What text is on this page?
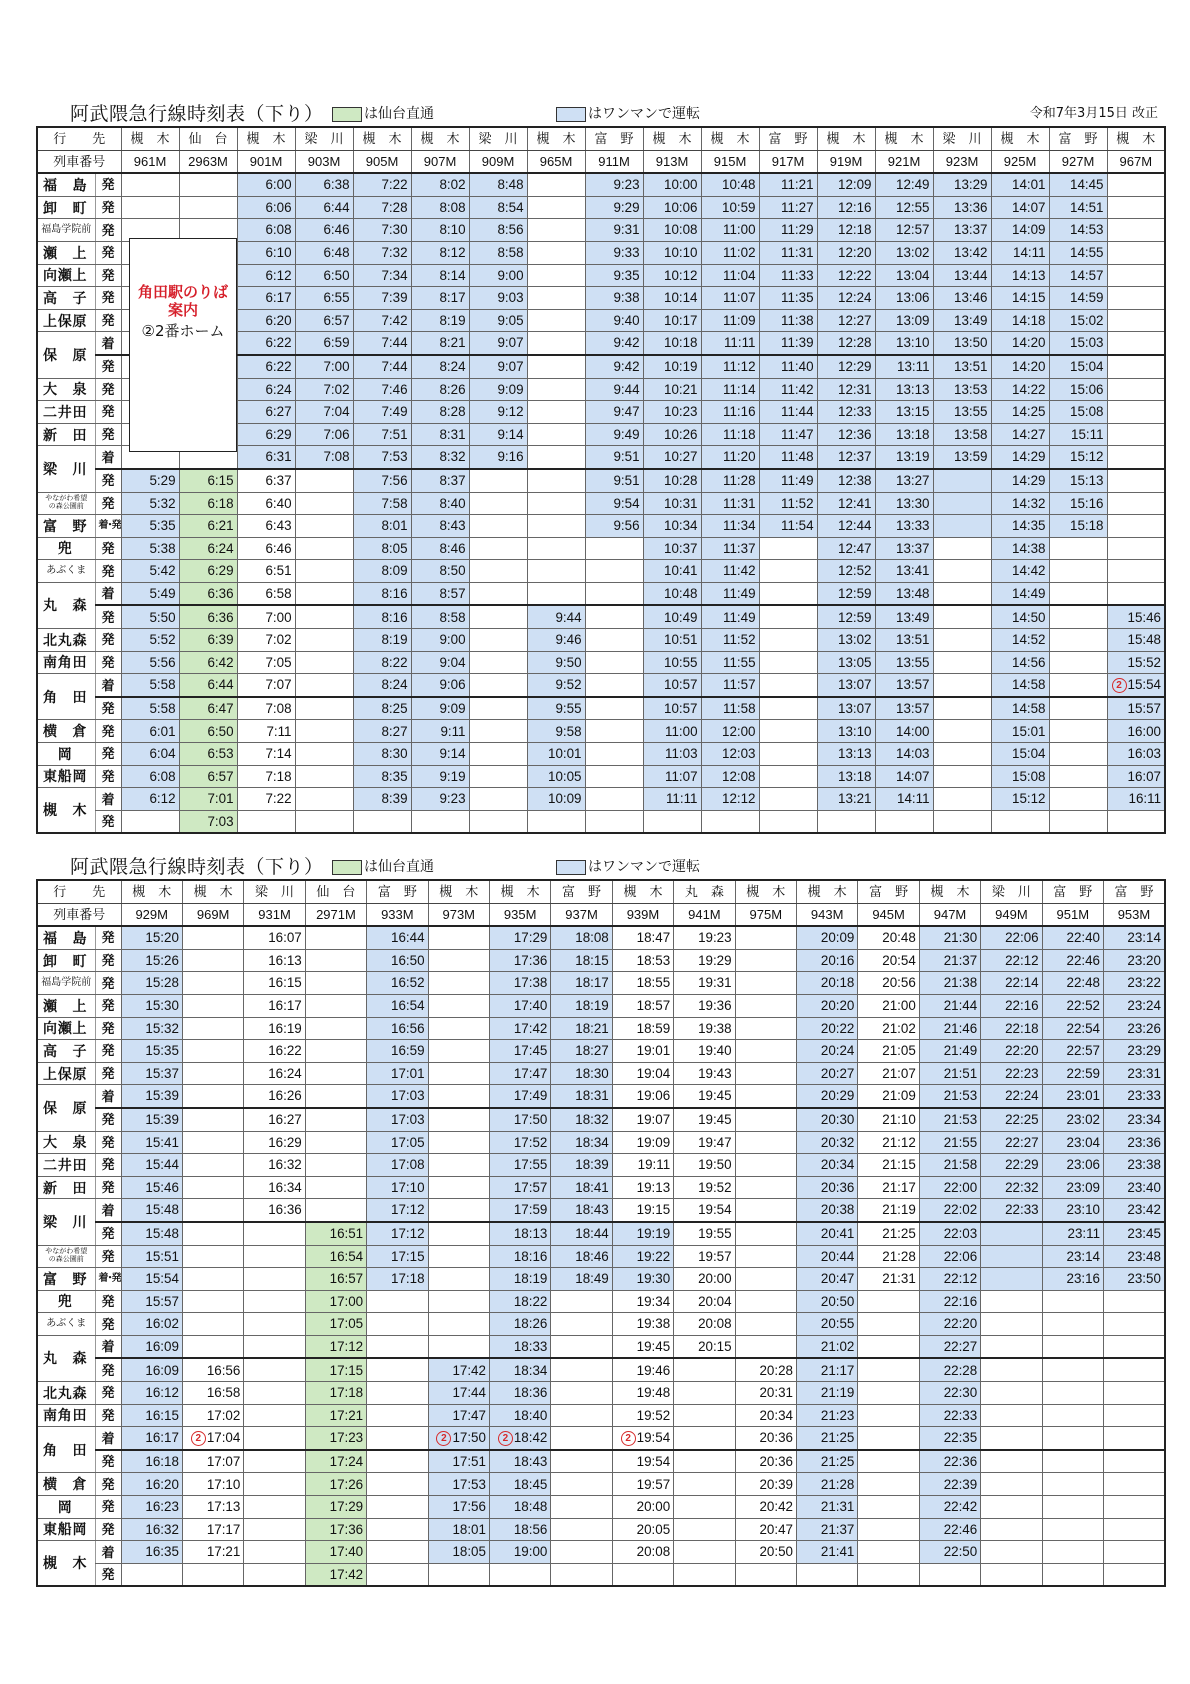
阿武隈急行線時刻表（下り）	は仙台直通	はワンマンで運転	令和7年3月15日 改正
行　　先		槻　木	仙　台	槻　木	梁　川	槻　木	槻　木	梁　川	槻　木	富　野	槻　木	槻　木	富　野	槻　木	槻　木	梁　川	槻　木	富　野	槻　木
列車番号		961M	2963M	901M	903M	905M	907M	909M	965M	911M	913M	915M	917M	919M	921M	923M	925M	927M	967M
福　島	発			6:00	6:38	7:22	8:02	8:48		9:23	10:00	10:48	11:21	12:09	12:49	13:29	14:01	14:45	
卸　町	発			6:06	6:44	7:28	8:08	8:54		9:29	10:06	10:59	11:27	12:16	12:55	13:36	14:07	14:51	
福島学院前	発			6:08	6:46	7:30	8:10	8:56		9:31	10:08	11:00	11:29	12:18	12:57	13:37	14:09	14:53	
瀬　上	発			6:10	6:48	7:32	8:12	8:58		9:33	10:10	11:02	11:31	12:20	13:02	13:42	14:11	14:55	
向瀬上	発			6:12	6:50	7:34	8:14	9:00		9:35	10:12	11:04	11:33	12:22	13:04	13:44	14:13	14:57	
高　子	発			6:17	6:55	7:39	8:17	9:03		9:38	10:14	11:07	11:35	12:24	13:06	13:46	14:15	14:59	
上保原	発			6:20	6:57	7:42	8:19	9:05		9:40	10:17	11:09	11:38	12:27	13:09	13:49	14:18	15:02	
保　原	着			6:22	6:59	7:44	8:21	9:07		9:42	10:18	11:11	11:39	12:28	13:10	13:50	14:20	15:03	
	発			6:22	7:00	7:44	8:24	9:07		9:42	10:19	11:12	11:40	12:29	13:11	13:51	14:20	15:04	
大　泉	発			6:24	7:02	7:46	8:26	9:09		9:44	10:21	11:14	11:42	12:31	13:13	13:53	14:22	15:06	
二井田	発			6:27	7:04	7:49	8:28	9:12		9:47	10:23	11:16	11:44	12:33	13:15	13:55	14:25	15:08	
新　田	発			6:29	7:06	7:51	8:31	9:14		9:49	10:26	11:18	11:47	12:36	13:18	13:58	14:27	15:11	
梁　川	着			6:31	7:08	7:53	8:32	9:16		9:51	10:27	11:20	11:48	12:37	13:19	13:59	14:29	15:12	
	発	5:29	6:15	6:37		7:56	8:37			9:51	10:28	11:28	11:49	12:38	13:27		14:29	15:13	
やながわ希望の森公園前	発	5:32	6:18	6:40		7:58	8:40			9:54	10:31	11:31	11:52	12:41	13:30		14:32	15:16	
富　野	着･発	5:35	6:21	6:43		8:01	8:43			9:56	10:34	11:34	11:54	12:44	13:33		14:35	15:18	
兜	発	5:38	6:24	6:46		8:05	8:46				10:37	11:37		12:47	13:37		14:38		
あぶくま	発	5:42	6:29	6:51		8:09	8:50				10:41	11:42		12:52	13:41		14:42		
丸　森	着	5:49	6:36	6:58		8:16	8:57				10:48	11:49		12:59	13:48		14:49		
	発	5:50	6:36	7:00		8:16	8:58		9:44		10:49	11:49		12:59	13:49		14:50		15:46
北丸森	発	5:52	6:39	7:02		8:19	9:00		9:46		10:51	11:52		13:02	13:51		14:52		15:48
南角田	発	5:56	6:42	7:05		8:22	9:04		9:50		10:55	11:55		13:05	13:55		14:56		15:52
角　田	着	5:58	6:44	7:07		8:24	9:06		9:52		10:57	11:57		13:07	13:57		14:58		2 15:54
	発	5:58	6:47	7:08		8:25	9:09		9:55		10:57	11:58		13:07	13:57		14:58		15:57
横　倉	発	6:01	6:50	7:11		8:27	9:11		9:58		11:00	12:00		13:10	14:00		15:01		16:00
岡	発	6:04	6:53	7:14		8:30	9:14		10:01		11:03	12:03		13:13	14:03		15:04		16:03
東船岡	発	6:08	6:57	7:18		8:35	9:19		10:05		11:07	12:08		13:18	14:07		15:08		16:07
槻　木	着	6:12	7:01	7:22		8:39	9:23		10:09		11:11	12:12		13:21	14:11		15:12		16:11
	発		7:03																
角田駅のりば
案内
②2番ホーム
阿武隈急行線時刻表（下り）	は仙台直通	はワンマンで運転
行　　先		槻　木	槻　木	梁　川	仙　台	富　野	槻　木	槻　木	富　野	槻　木	丸　森	槻　木	槻　木	富　野	槻　木	梁　川	富　野	富　野
列車番号		929M	969M	931M	2971M	933M	973M	935M	937M	939M	941M	975M	943M	945M	947M	949M	951M	953M
福　島	発	15:20		16:07		16:44		17:29	18:08	18:47	19:23		20:09	20:48	21:30	22:06	22:40	23:14
卸　町	発	15:26		16:13		16:50		17:36	18:15	18:53	19:29		20:16	20:54	21:37	22:12	22:46	23:20
福島学院前	発	15:28		16:15		16:52		17:38	18:17	18:55	19:31		20:18	20:56	21:38	22:14	22:48	23:22
瀬　上	発	15:30		16:17		16:54		17:40	18:19	18:57	19:36		20:20	21:00	21:44	22:16	22:52	23:24
向瀬上	発	15:32		16:19		16:56		17:42	18:21	18:59	19:38		20:22	21:02	21:46	22:18	22:54	23:26
高　子	発	15:35		16:22		16:59		17:45	18:27	19:01	19:40		20:24	21:05	21:49	22:20	22:57	23:29
上保原	発	15:37		16:24		17:01		17:47	18:30	19:04	19:43		20:27	21:07	21:51	22:23	22:59	23:31
保　原	着	15:39		16:26		17:03		17:49	18:31	19:06	19:45		20:29	21:09	21:53	22:24	23:01	23:33
	発	15:39		16:27		17:03		17:50	18:32	19:07	19:45		20:30	21:10	21:53	22:25	23:02	23:34
大　泉	発	15:41		16:29		17:05		17:52	18:34	19:09	19:47		20:32	21:12	21:55	22:27	23:04	23:36
二井田	発	15:44		16:32		17:08		17:55	18:39	19:11	19:50		20:34	21:15	21:58	22:29	23:06	23:38
新　田	発	15:46		16:34		17:10		17:57	18:41	19:13	19:52		20:36	21:17	22:00	22:32	23:09	23:40
梁　川	着	15:48		16:36		17:12		17:59	18:43	19:15	19:54		20:38	21:19	22:02	22:33	23:10	23:42
	発	15:48			16:51	17:12		18:13	18:44	19:19	19:55		20:41	21:25	22:03		23:11	23:45
やながわ希望の森公園前	発	15:51			16:54	17:15		18:16	18:46	19:22	19:57		20:44	21:28	22:06		23:14	23:48
富　野	着･発	15:54			16:57	17:18		18:19	18:49	19:30	20:00		20:47	21:31	22:12		23:16	23:50
兜	発	15:57			17:00			18:22		19:34	20:04		20:50		22:16			
あぶくま	発	16:02			17:05			18:26		19:38	20:08		20:55		22:20			
丸　森	着	16:09			17:12			18:33		19:45	20:15		21:02		22:27			
	発	16:09	16:56		17:15		17:42	18:34		19:46		20:28	21:17		22:28			
北丸森	発	16:12	16:58		17:18		17:44	18:36		19:48		20:31	21:19		22:30			
南角田	発	16:15	17:02		17:21		17:47	18:40		19:52		20:34	21:23		22:33			
角　田	着	16:17	2 17:04		17:23		2 17:50	2 18:42		2 19:54		20:36	21:25		22:35			
	発	16:18	17:07		17:24		17:51	18:43		19:54		20:36	21:25		22:36			
横　倉	発	16:20	17:10		17:26		17:53	18:45		19:57		20:39	21:28		22:39			
岡	発	16:23	17:13		17:29		17:56	18:48		20:00		20:42	21:31		22:42			
東船岡	発	16:32	17:17		17:36		18:01	18:56		20:05		20:47	21:37		22:46			
槻　木	着	16:35	17:21		17:40		18:05	19:00		20:08		20:50	21:41		22:50			
	発				17:42													
